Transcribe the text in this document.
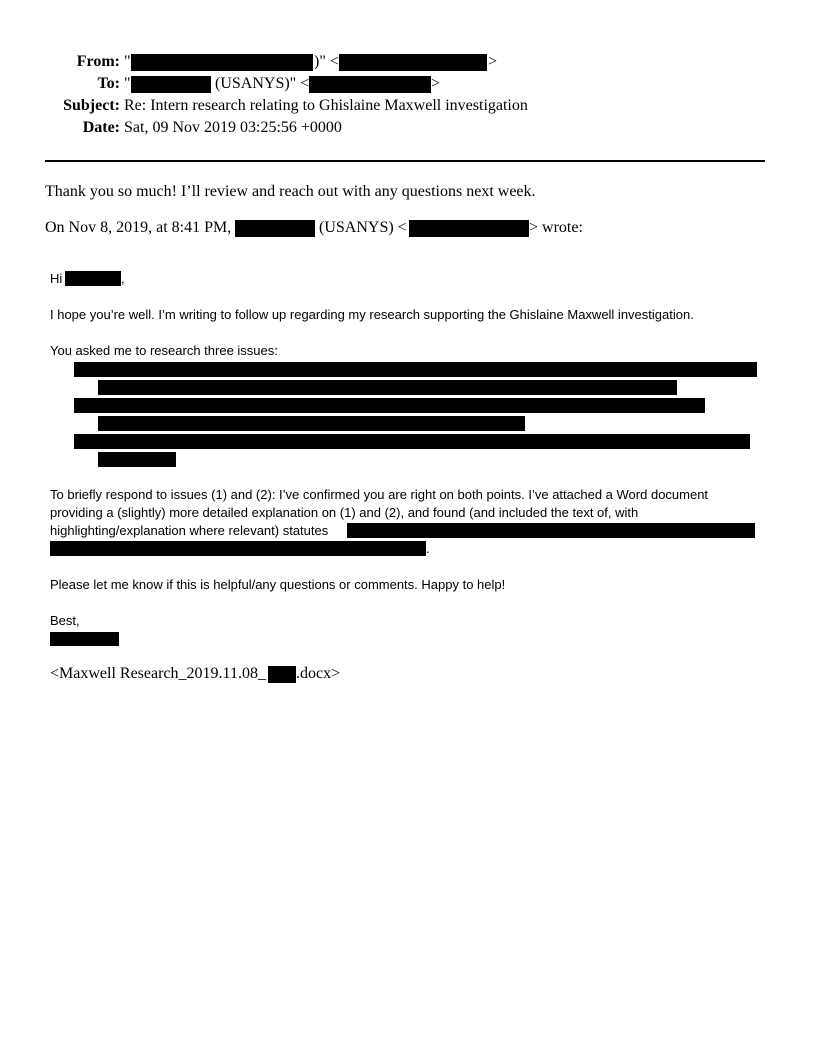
From: "	)" <	>
To: "	(USANYS)" <	>
Subject: Re: Intern research relating to Ghislaine Maxwell investigation
Date: Sat, 09 Nov 2019 03:25:56 +0000
Thank you so much! I’ll review and reach out with any questions next week.
On Nov 8, 2019, at 8:41 PM,	(USANYS) <	> wrote:
Hi	,
I hope you’re well. I’m writing to follow up regarding my research supporting the Ghislaine Maxwell investigation.
You asked me to research three issues:
To briefly respond to issues (1) and (2): I’ve confirmed you are right on both points. I’ve attached a Word document
providing a (slightly) more detailed explanation on (1) and (2), and found (and included the text of, with
highlighting/explanation where relevant) statutes
.
Please let me know if this is helpful/any questions or comments. Happy to help!
Best,
<Maxwell Research_2019.11.08_ .docx>
